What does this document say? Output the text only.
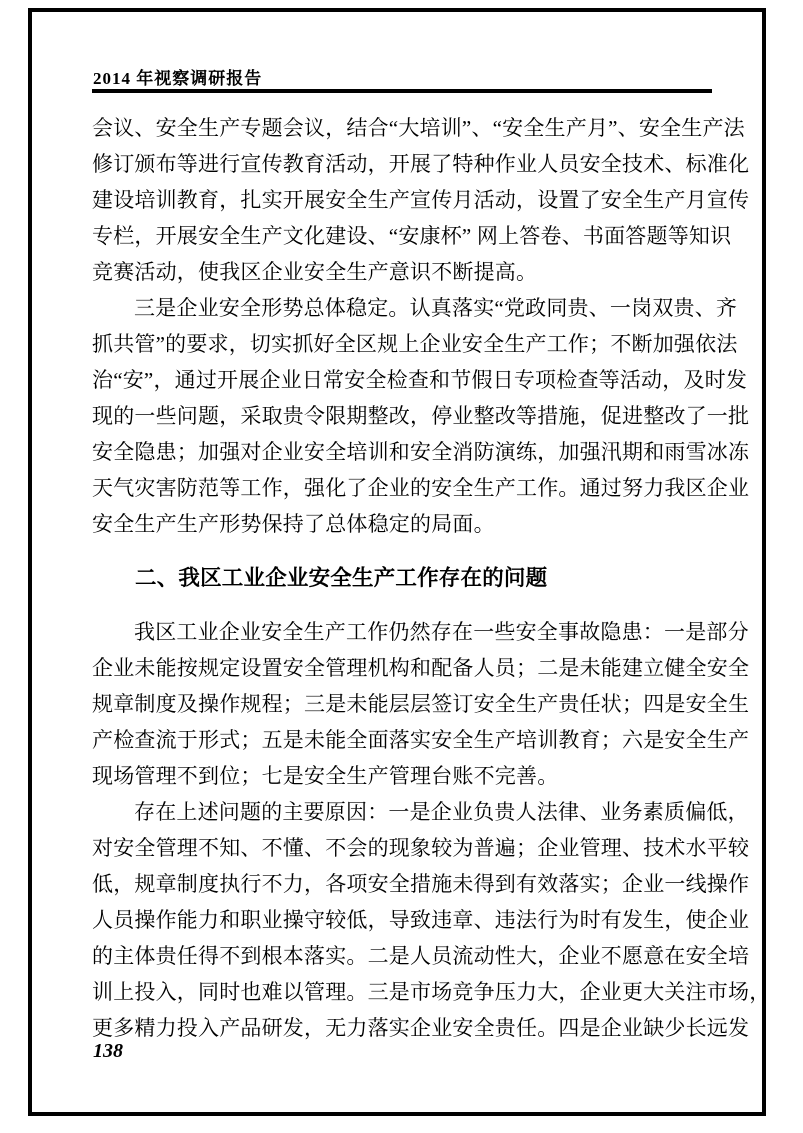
2014 年视察调研报告
会议、安全生产专题会议，结合“大培训”、“安全生产月”、安全生产法
修订颁布等进行宣传教育活动，开展了特种作业人员安全技术、标准化
建设培训教育，扎实开展安全生产宣传月活动，设置了安全生产月宣传
专栏，开展安全生产文化建设、“安康杯” 网上答卷、书面答题等知识
竞赛活动，使我区企业安全生产意识不断提高。
三是企业安全形势总体稳定。认真落实“党政同贵、一岗双贵、齐
抓共管”的要求，切实抓好全区规上企业安全生产工作；不断加强依法
治“安”，通过开展企业日常安全检查和节假日专项检查等活动，及时发
现的一些问题，采取贵令限期整改，停业整改等措施，促进整改了一批
安全隐患；加强对企业安全培训和安全消防演练，加强汛期和雨雪冰冻
天气灾害防范等工作，强化了企业的安全生产工作。通过努力我区企业
安全生产生产形势保持了总体稳定的局面。
二、我区工业企业安全生产工作存在的问题
我区工业企业安全生产工作仍然存在一些安全事故隐患：一是部分
企业未能按规定设置安全管理机构和配备人员；二是未能建立健全安全
规章制度及操作规程；三是未能层层签订安全生产贵任状；四是安全生
产检查流于形式；五是未能全面落实安全生产培训教育；六是安全生产
现场管理不到位；七是安全生产管理台账不完善。
存在上述问题的主要原因：一是企业负贵人法律、业务素质偏低，
对安全管理不知、不懂、不会的现象较为普遍；企业管理、技术水平较
低，规章制度执行不力，各项安全措施未得到有效落实；企业一线操作
人员操作能力和职业操守较低，导致违章、违法行为时有发生，使企业
的主体贵任得不到根本落实。二是人员流动性大，企业不愿意在安全培
训上投入，同时也难以管理。三是市场竞争压力大，企业更大关注市场，
更多精力投入产品研发，无力落实企业安全贵任。四是企业缺少长远发
138
